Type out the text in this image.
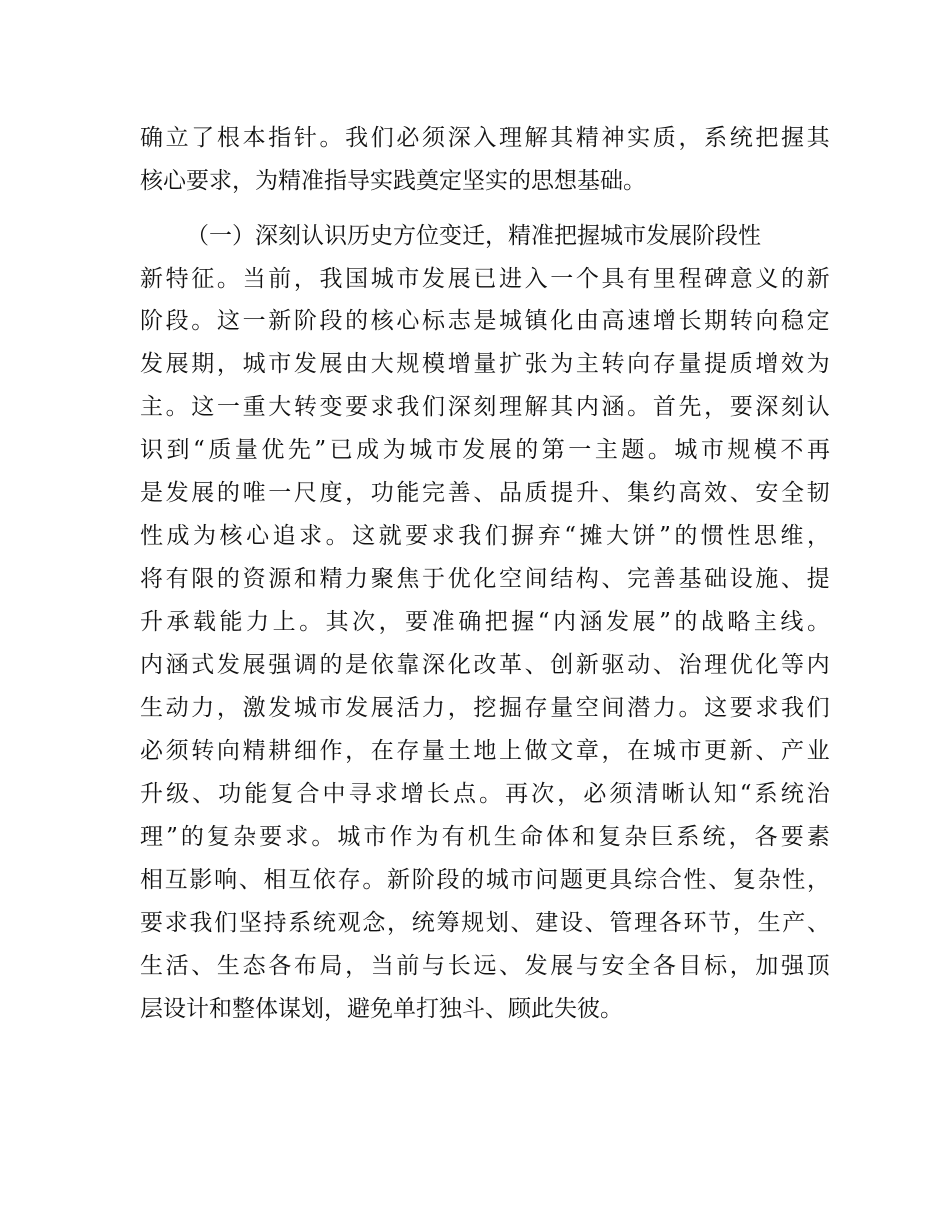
确 立 了 根 本 指 针 。 我 们 必 须 深 入 理 解 其 精 神 实 质 ， 系 统 把 握 其
核心要求，为精准指导实践奠定坚实的思想基础。
（一）深刻认识历史方位变迁，精准把握城市发展阶段性
新 特 征 。 当 前 ， 我 国 城 市 发 展 已 进 入 一 个 具 有 里 程 碑 意 义 的 新
阶 段 。 这 一 新 阶 段 的 核 心 标 志 是 城 镇 化 由 高 速 增 长 期 转 向 稳 定
发 展 期 ， 城 市 发 展 由 大 规 模 增 量 扩 张 为 主 转 向 存 量 提 质 增 效 为
主 。 这 一 重 大 转 变 要 求 我 们 深 刻 理 解 其 内 涵 。 首 先 ， 要 深 刻 认
识 到 “ 质 量 优 先 ” 已 成 为 城 市 发 展 的 第 一 主 题 。 城 市 规 模 不 再
是 发 展 的 唯 一 尺 度 ， 功 能 完 善 、 品 质 提 升 、 集 约 高 效 、 安 全 韧
性 成 为 核 心 追 求 。 这 就 要 求 我 们 摒 弃 “ 摊 大 饼 ” 的 惯 性 思 维 ，
将 有 限 的 资 源 和 精 力 聚 焦 于 优 化 空 间 结 构 、 完 善 基 础 设 施 、 提
升 承 载 能 力 上 。 其 次 ， 要 准 确 把 握 “ 内 涵 发 展 ” 的 战 略 主 线 。
内 涵 式 发 展 强 调 的 是 依 靠 深 化 改 革 、 创 新 驱 动 、 治 理 优 化 等 内
生 动 力 ， 激 发 城 市 发 展 活 力 ， 挖 掘 存 量 空 间 潜 力 。 这 要 求 我 们
必 须 转 向 精 耕 细 作 ， 在 存 量 土 地 上 做 文 章 ， 在 城 市 更 新 、 产 业
升 级 、 功 能 复 合 中 寻 求 增 长 点 。 再 次 ， 必 须 清 晰 认 知 “ 系 统 治
理 ” 的 复 杂 要 求 。 城 市 作 为 有 机 生 命 体 和 复 杂 巨 系 统 ， 各 要 素
相 互 影 响 、 相 互 依 存 。 新 阶 段 的 城 市 问 题 更 具 综 合 性 、 复 杂 性 ，
要 求 我 们 坚 持 系 统 观 念 ， 统 筹 规 划 、 建 设 、 管 理 各 环 节 ， 生 产 、
生 活 、 生 态 各 布 局 ， 当 前 与 长 远 、 发 展 与 安 全 各 目 标 ， 加 强 顶
层设计和整体谋划，避免单打独斗、顾此失彼。
